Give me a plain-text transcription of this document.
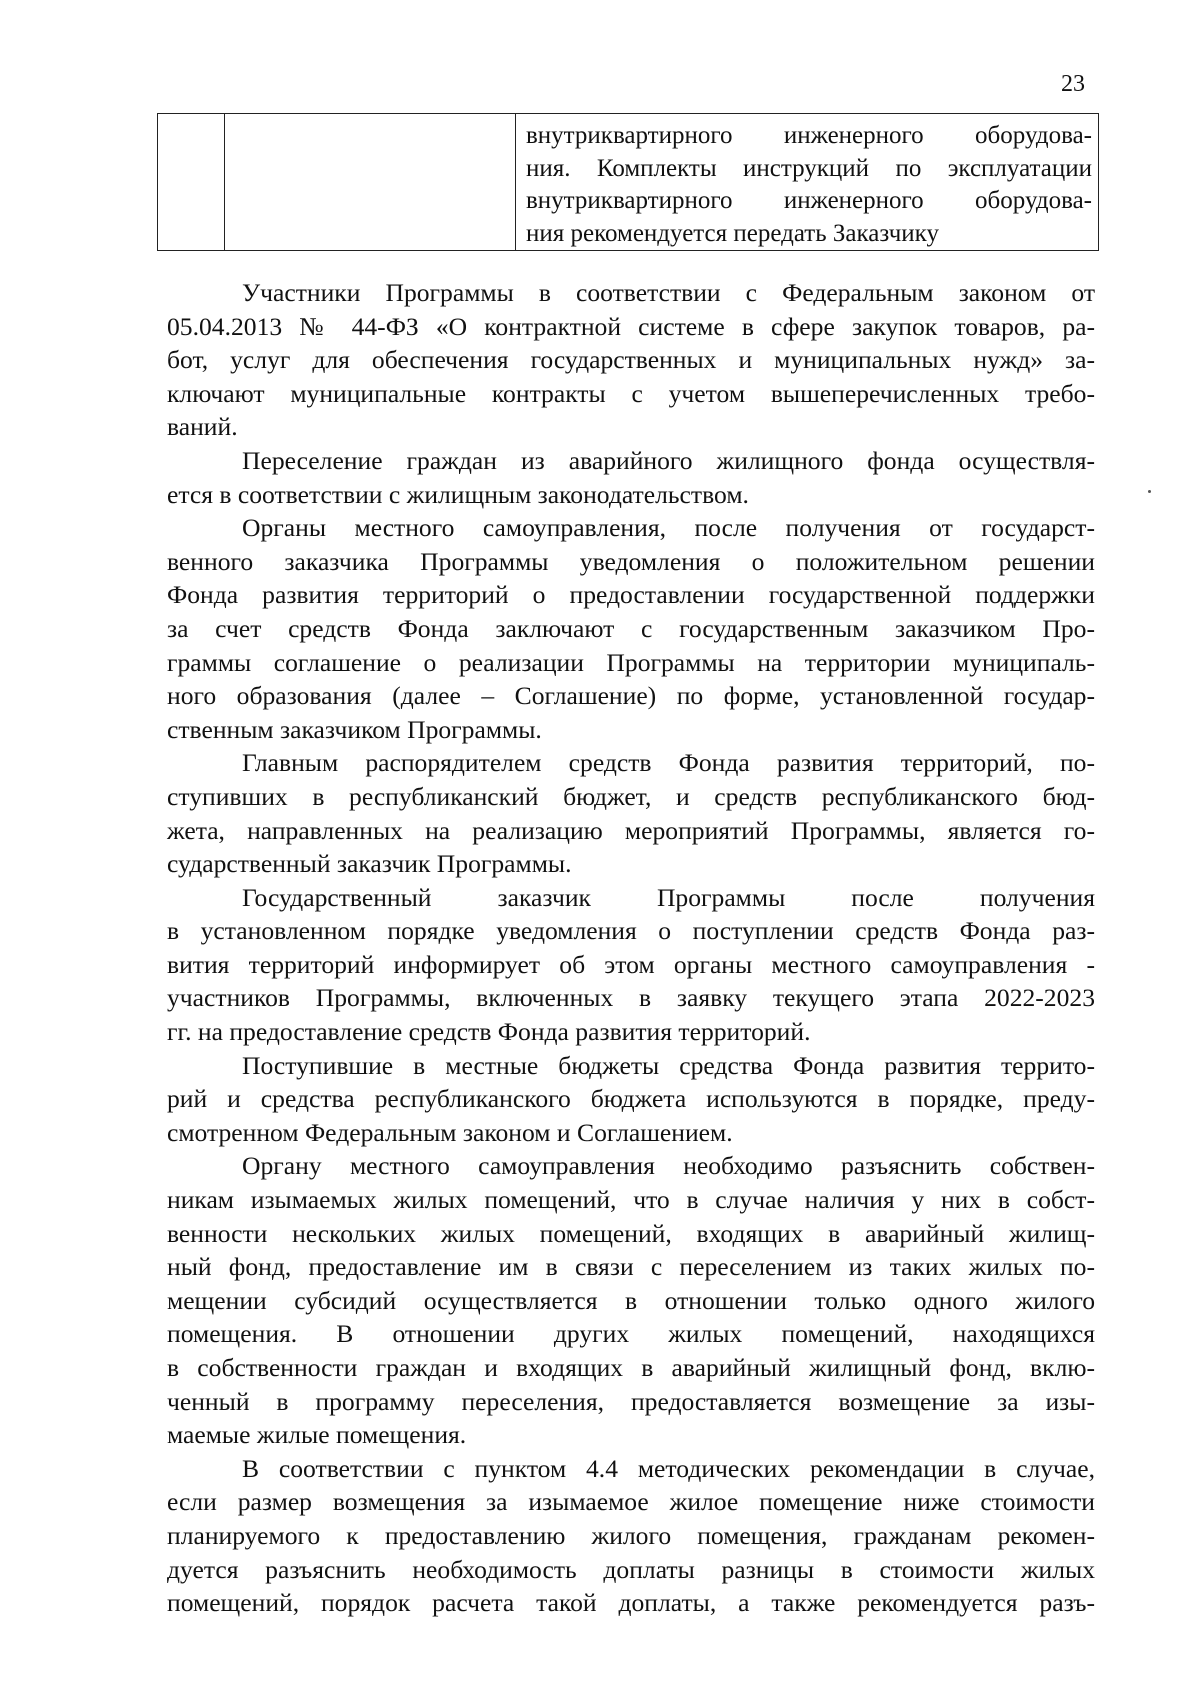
23

внутриквартирного инженерного оборудова-
ния. Комплекты инструкций по эксплуатации
внутриквартирного инженерного оборудова-
ния рекомендуется передать Заказчику

Участники Программы в соответствии с Федеральным законом от
05.04.2013 № 44-ФЗ «О контрактной системе в сфере закупок товаров, ра-
бот, услуг для обеспечения государственных и муниципальных нужд» за-
ключают муниципальные контракты с учетом вышеперечисленных требо-
ваний.

Переселение граждан из аварийного жилищного фонда осуществля-
ется в соответствии с жилищным законодательством.

Органы местного самоуправления, после получения от государст-
венного заказчика Программы уведомления о положительном решении
Фонда развития территорий о предоставлении государственной поддержки
за счет средств Фонда заключают с государственным заказчиком Про-
граммы соглашение о реализации Программы на территории муниципаль-
ного образования (далее – Соглашение) по форме, установленной государ-
ственным заказчиком Программы.

Главным распорядителем средств Фонда развития территорий, по-
ступивших в республиканский бюджет, и средств республиканского бюд-
жета, направленных на реализацию мероприятий Программы, является го-
сударственный заказчик Программы.

Государственный заказчик Программы после получения
в установленном порядке уведомления о поступлении средств Фонда раз-
вития территорий информирует об этом органы местного самоуправления -
участников Программы, включенных в заявку текущего этапа 2022-2023
гг. на предоставление средств Фонда развития территорий.

Поступившие в местные бюджеты средства Фонда развития террито-
рий и средства республиканского бюджета используются в порядке, преду-
смотренном Федеральным законом и Соглашением.

Органу местного самоуправления необходимо разъяснить собствен-
никам изымаемых жилых помещений, что в случае наличия у них в собст-
венности нескольких жилых помещений, входящих в аварийный жилищ-
ный фонд, предоставление им в связи с переселением из таких жилых по-
мещении субсидий осуществляется в отношении только одного жилого
помещения. В отношении других жилых помещений, находящихся
в собственности граждан и входящих в аварийный жилищный фонд, вклю-
ченный в программу переселения, предоставляется возмещение за изы-
маемые жилые помещения.

В соответствии с пунктом 4.4 методических рекомендации в случае,
если размер возмещения за изымаемое жилое помещение ниже стоимости
планируемого к предоставлению жилого помещения, гражданам рекомен-
дуется разъяснить необходимость доплаты разницы в стоимости жилых
помещений, порядок расчета такой доплаты, а также рекомендуется разъ-
